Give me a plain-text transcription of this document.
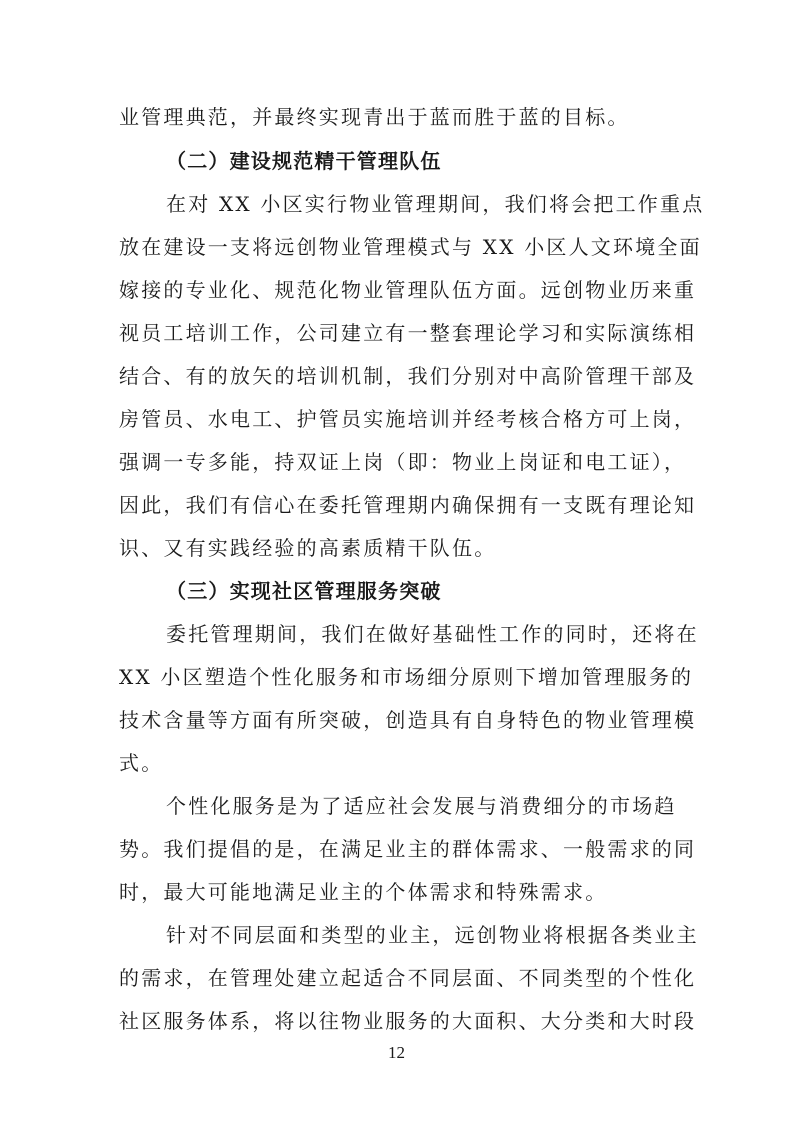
业管理典范，并最终实现青出于蓝而胜于蓝的目标。
（二）建设规范精干管理队伍
在对 XX 小区实行物业管理期间，我们将会把工作重点
放在建设一支将远创物业管理模式与 XX 小区人文环境全面
嫁接的专业化、规范化物业管理队伍方面。远创物业历来重
视员工培训工作，公司建立有一整套理论学习和实际演练相
结合、有的放矢的培训机制，我们分别对中高阶管理干部及
房管员、水电工、护管员实施培训并经考核合格方可上岗，
强调一专多能，持双证上岗（即：物业上岗证和电工证），
因此，我们有信心在委托管理期内确保拥有一支既有理论知
识、又有实践经验的高素质精干队伍。
（三）实现社区管理服务突破
委托管理期间，我们在做好基础性工作的同时，还将在
XX 小区塑造个性化服务和市场细分原则下增加管理服务的
技术含量等方面有所突破，创造具有自身特色的物业管理模
式。
个性化服务是为了适应社会发展与消费细分的市场趋
势。我们提倡的是，在满足业主的群体需求、一般需求的同
时，最大可能地满足业主的个体需求和特殊需求。
针对不同层面和类型的业主，远创物业将根据各类业主
的需求，在管理处建立起适合不同层面、不同类型的个性化
社区服务体系，将以往物业服务的大面积、大分类和大时段
12
